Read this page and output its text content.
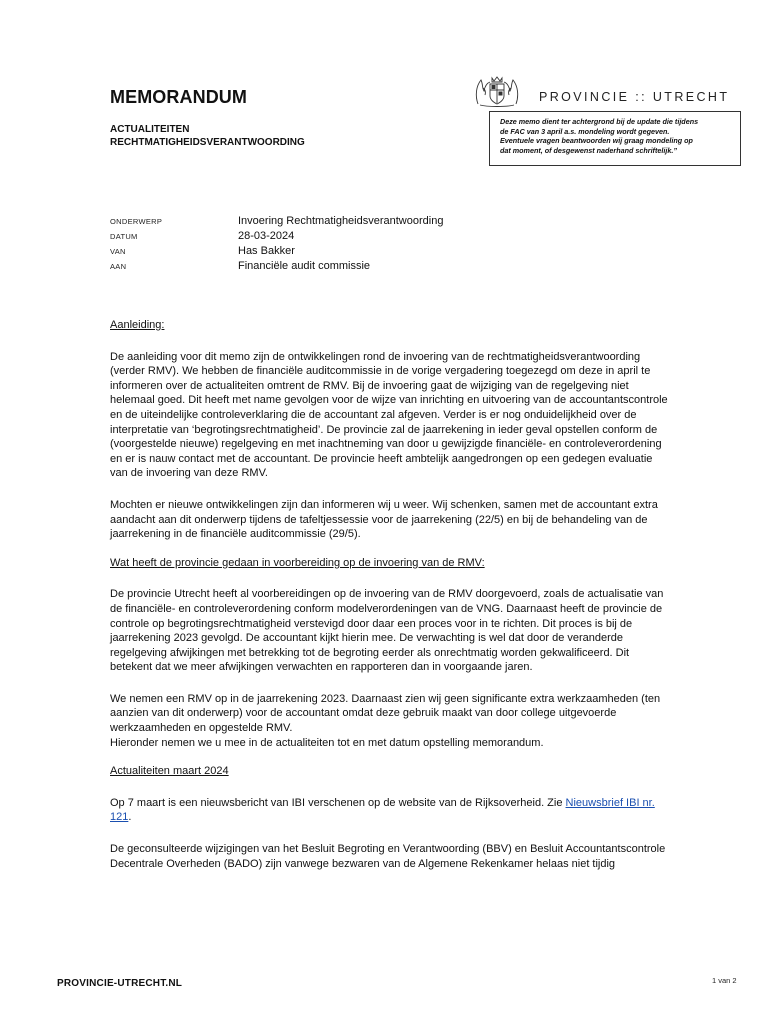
MEMORANDUM
ACTUALITEITEN
RECHTMATIGHEIDSVERANTWOORDING
PROVINCIE :: UTRECHT
Deze memo dient ter achtergrond bij de update die tijdens
de FAC van 3 april a.s. mondeling wordt gegeven.
Eventuele vragen beantwoorden wij graag mondeling op
dat moment, of desgewenst naderhand schriftelijk.”
ONDERWERP	Invoering Rechtmatigheidsverantwoording
DATUM	28-03-2024
VAN	Has Bakker
AAN	Financiële audit commissie

Aanleiding:

De aanleiding voor dit memo zijn de ontwikkelingen rond de invoering van de rechtmatigheidsverantwoording
(verder RMV). We hebben de financiële auditcommissie in de vorige vergadering toegezegd om deze in april te
informeren over de actualiteiten omtrent de RMV. Bij de invoering gaat de wijziging van de regelgeving niet
helemaal goed. Dit heeft met name gevolgen voor de wijze van inrichting en uitvoering van de accountantscontrole
en de uiteindelijke controleverklaring die de accountant zal afgeven. Verder is er nog onduidelijkheid over de
interpretatie van ‘begrotingsrechtmatigheid’. De provincie zal de jaarrekening in ieder geval opstellen conform de
(voorgestelde nieuwe) regelgeving en met inachtneming van door u gewijzigde financiële- en controleverordening
en er is nauw contact met de accountant. De provincie heeft ambtelijk aangedrongen op een gedegen evaluatie
van de invoering van deze RMV.
Mochten er nieuwe ontwikkelingen zijn dan informeren wij u weer. Wij schenken, samen met de accountant extra
aandacht aan dit onderwerp tijdens de tafeltjessessie voor de jaarrekening (22/5) en bij de behandeling van de
jaarrekening in de financiële auditcommissie (29/5).

Wat heeft de provincie gedaan in voorbereiding op de invoering van de RMV:

De provincie Utrecht heeft al voorbereidingen op de invoering van de RMV doorgevoerd, zoals de actualisatie van
de financiële- en controleverordening conform modelverordeningen van de VNG. Daarnaast heeft de provincie de
controle op begrotingsrechtmatigheid verstevigd door daar een proces voor in te richten. Dit proces is bij de
jaarrekening 2023 gevolgd. De accountant kijkt hierin mee. De verwachting is wel dat door de veranderde
regelgeving afwijkingen met betrekking tot de begroting eerder als onrechtmatig worden gekwalificeerd. Dit
betekent dat we meer afwijkingen verwachten en rapporteren dan in voorgaande jaren.
We nemen een RMV op in de jaarrekening 2023. Daarnaast zien wij geen significante extra werkzaamheden (ten
aanzien van dit onderwerp) voor de accountant omdat deze gebruik maakt van door college uitgevoerde
werkzaamheden en opgestelde RMV.
Hieronder nemen we u mee in de actualiteiten tot en met datum opstelling memorandum.

Actualiteiten maart 2024

Op 7 maart is een nieuwsbericht van IBI verschenen op de website van de Rijksoverheid. Zie Nieuwsbrief IBI nr.
121.
De geconsulteerde wijzigingen van het Besluit Begroting en Verantwoording (BBV) en Besluit Accountantscontrole
Decentrale Overheden (BADO) zijn vanwege bezwaren van de Algemene Rekenkamer helaas niet tijdig
PROVINCIE-UTRECHT.NL	1 van 2
